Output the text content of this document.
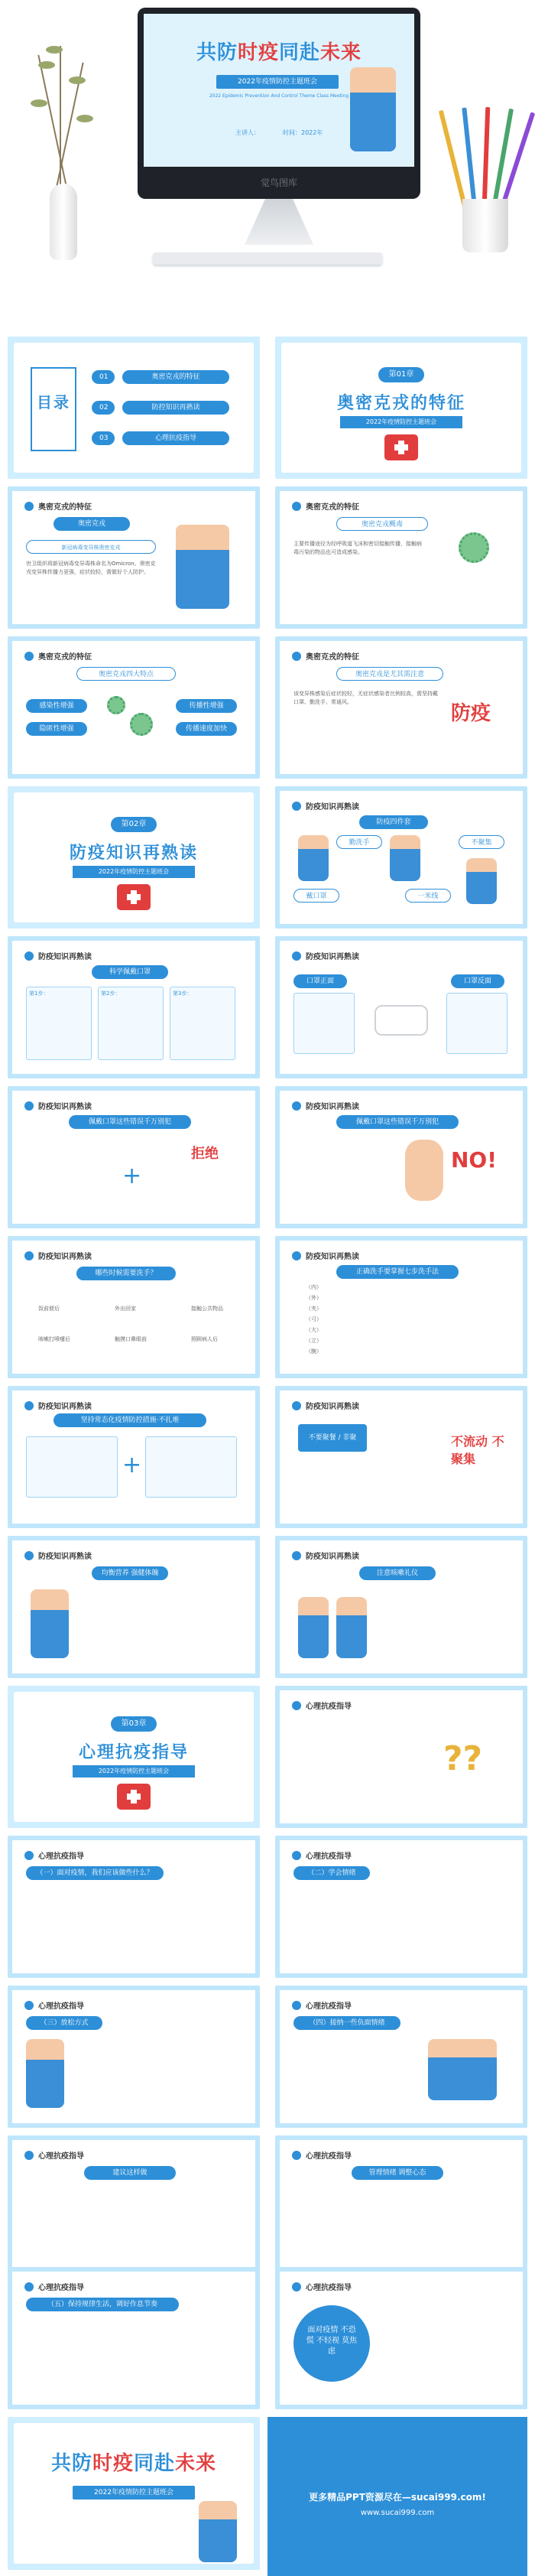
共防时疫同赴未来
2022年疫情防控主题班会
2022 Epidemic Prevention And Control Theme Class Meeting
主讲人：	时间：2022年
觉鸟图库
目录
01	奥密克戎的特征
02	防控知识再熟读
03	心理抗疫指导
第01章
奥密克戎的特征
2022年疫情防控主题班会
奥密克戎的特征
奥密克戎
新冠病毒变异株奥密克戎
世卫组织将新冠病毒变异毒株命名为Omicron。奥密克戎变异株传播力更强，症状较轻，需做好个人防护。
奥密克戎的特征
奥密克戎概毒
主要传播途径为经呼吸道飞沫和密切接触传播，接触病毒污染的物品也可造成感染。
奥密克戎的特征
奥密克戎四大特点
感染性增强	传播性增强
隐匿性增强	传播速度加快
奥密克戎的特征
奥密克戎是尤其需注意
该变异株感染后症状较轻，无症状感染者比例较高，需坚持戴口罩、勤洗手、常通风。	防疫
第02章
防疫知识再熟读
2022年疫情防控主题班会
防疫知识再熟读
防疫四件套
勤洗手	不聚集
戴口罩	一米线
防疫知识再熟读
科学佩戴口罩
第1步：	第2步：	第3步：
防疫知识再熟读
口罩正面	口罩反面
防疫知识再熟读
佩戴口罩这些错误千万别犯
+
拒绝
防疫知识再熟读
佩戴口罩这些错误千万别犯
NO!
防疫知识再熟读
哪些时候需要洗手？
饭前便后	外出回家	接触公共物品
咳嗽打喷嚏后	触摸口鼻眼前	照顾病人后
防疫知识再熟读
正确洗手要掌握七步洗手法
（内）
（外）
（夹）
（弓）
（大）
（立）
（腕）
防疫知识再熟读
坚持常态化疫情防控措施·不扎堆
+
防疫知识再熟读
不要聚餐 / 非聚集
不流动 不聚集
防疫知识再熟读
均衡营养 强健体魄
防疫知识再熟读
注意咳嗽礼仪
第03章
心理抗疫指导
2022年疫情防控主题班会
心理抗疫指导
??
心理抗疫指导
（一）面对疫情，我们应该做些什么？
心理抗疫指导
（二）学会情绪
心理抗疫指导
（三）放松方式
心理抗疫指导
（四）接纳一些负面情绪
心理抗疫指导
建议这样做
心理抗疫指导
管理情绪 调整心态
心理抗疫指导
（五）保持规律生活，调好作息节奏
心理抗疫指导
面对疫情 不恐慌 不轻视 莫焦虑
共防时疫同赴未来
2022年疫情防控主题班会	更多精品PPT资源尽在—sucai999.com!
www.sucai999.com
